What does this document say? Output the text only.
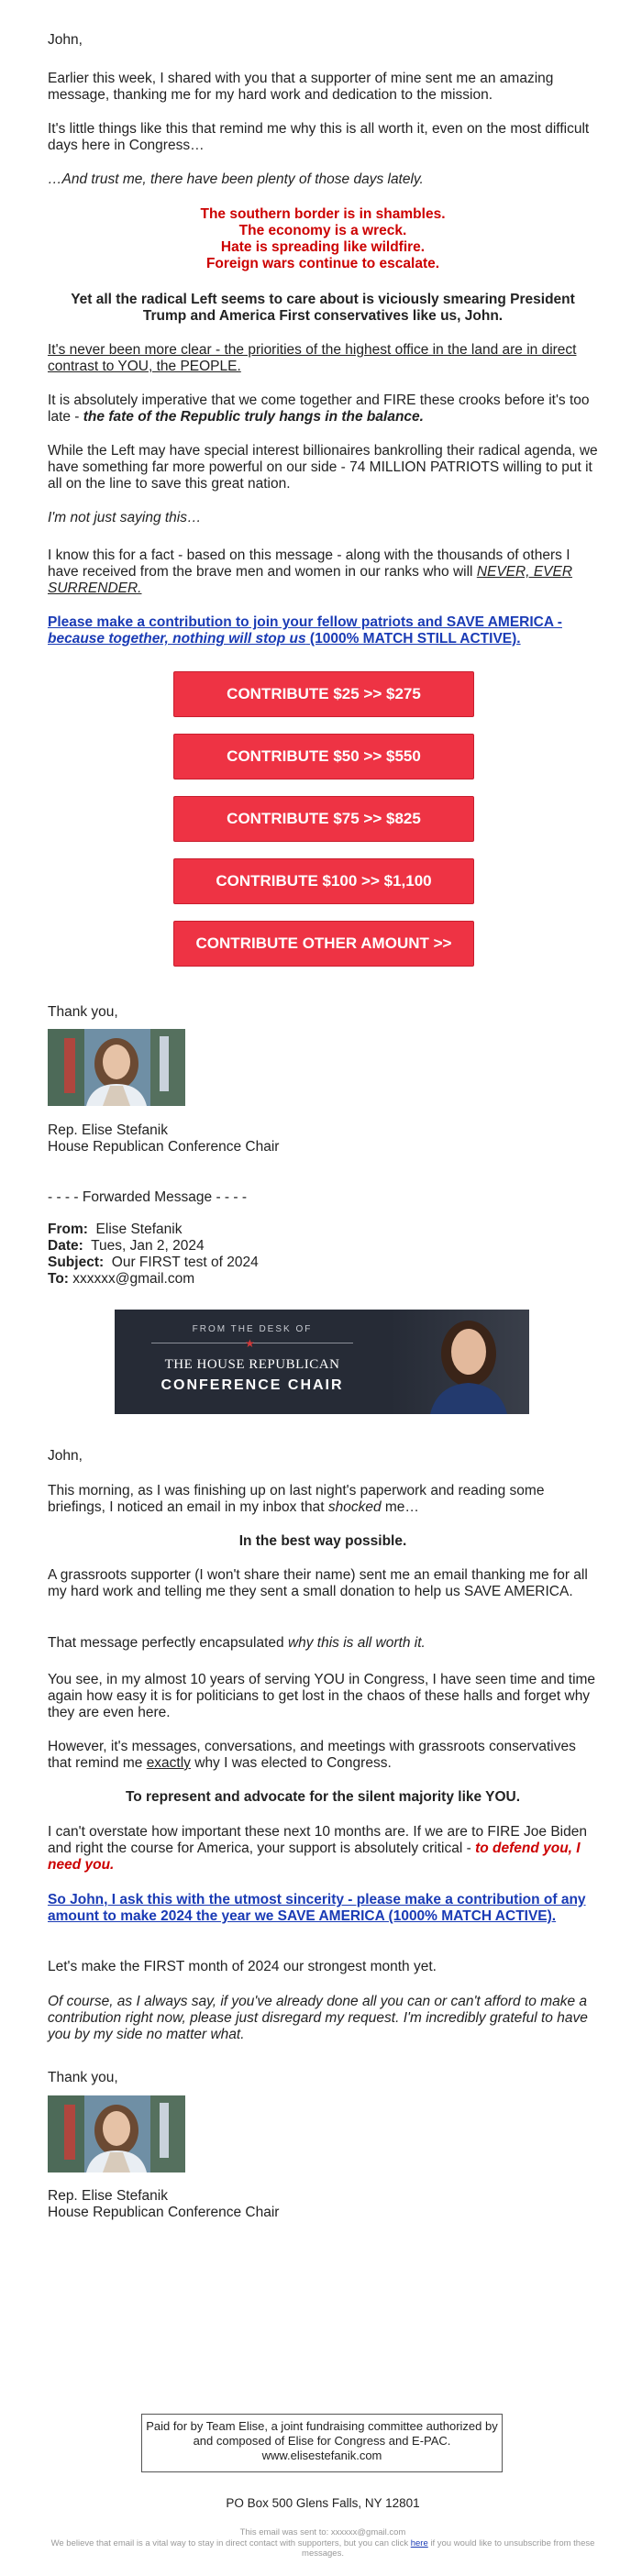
John,

Earlier this week, I shared with you that a supporter of mine sent me an amazing message, thanking me for my hard work and dedication to the mission.

It's little things like this that remind me why this is all worth it, even on the most difficult days here in Congress…

…And trust me, there have been plenty of those days lately.

The southern border is in shambles.

The economy is a wreck.

Hate is spreading like wildfire.

Foreign wars continue to escalate.

Yet all the radical Left seems to care about is viciously smearing President Trump and America First conservatives like us, John.

It's never been more clear - the priorities of the highest office in the land are in direct contrast to YOU, the PEOPLE.

It is absolutely imperative that we come together and FIRE these crooks before it's too late - the fate of the Republic truly hangs in the balance.

While the Left may have special interest billionaires bankrolling their radical agenda, we have something far more powerful on our side - 74 MILLION PATRIOTS willing to put it all on the line to save this great nation.

I'm not just saying this…

I know this for a fact - based on this message - along with the thousands of others I have received from the brave men and women in our ranks who will NEVER, EVER SURRENDER.

Please make a contribution to join your fellow patriots and SAVE AMERICA - because together, nothing will stop us (1000% MATCH STILL ACTIVE).

CONTRIBUTE $25 >> $275
CONTRIBUTE $50 >> $550
CONTRIBUTE $75 >> $825
CONTRIBUTE $100 >> $1,100
CONTRIBUTE OTHER AMOUNT >>

Thank you,

Rep. Elise Stefanik

House Republican Conference Chair

- - - - Forwarded Message - - - -

From: Elise Stefanik

Date: Tues, Jan 2, 2024

Subject: Our FIRST test of 2024

To: xxxxxx@gmail.com

FROM THE DESK OF
★
THE HOUSE REPUBLICAN
CONFERENCE CHAIR

John,

This morning, as I was finishing up on last night's paperwork and reading some briefings, I noticed an email in my inbox that shocked me…

In the best way possible.

A grassroots supporter (I won't share their name) sent me an email thanking me for all my hard work and telling me they sent a small donation to help us SAVE AMERICA.

That message perfectly encapsulated why this is all worth it.

You see, in my almost 10 years of serving YOU in Congress, I have seen time and time again how easy it is for politicians to get lost in the chaos of these halls and forget why they are even here.

However, it's messages, conversations, and meetings with grassroots conservatives that remind me exactly why I was elected to Congress.

To represent and advocate for the silent majority like YOU.

I can't overstate how important these next 10 months are. If we are to FIRE Joe Biden and right the course for America, your support is absolutely critical - to defend you, I need you.

So John, I ask this with the utmost sincerity - please make a contribution of any amount to make 2024 the year we SAVE AMERICA (1000% MATCH ACTIVE).

Let's make the FIRST month of 2024 our strongest month yet.

Of course, as I always say, if you've already done all you can or can't afford to make a contribution right now, please just disregard my request. I'm incredibly grateful to have you by my side no matter what.

Thank you,

Rep. Elise Stefanik

House Republican Conference Chair

Paid for by Team Elise, a joint fundraising committee authorized by and composed of Elise for Congress and E-PAC. www.elisestefanik.com

PO Box 500 Glens Falls, NY 12801

This email was sent to: xxxxxx@gmail.com
We believe that email is a vital way to stay in direct contact with supporters, but you can click here if you would like to unsubscribe from these messages.
